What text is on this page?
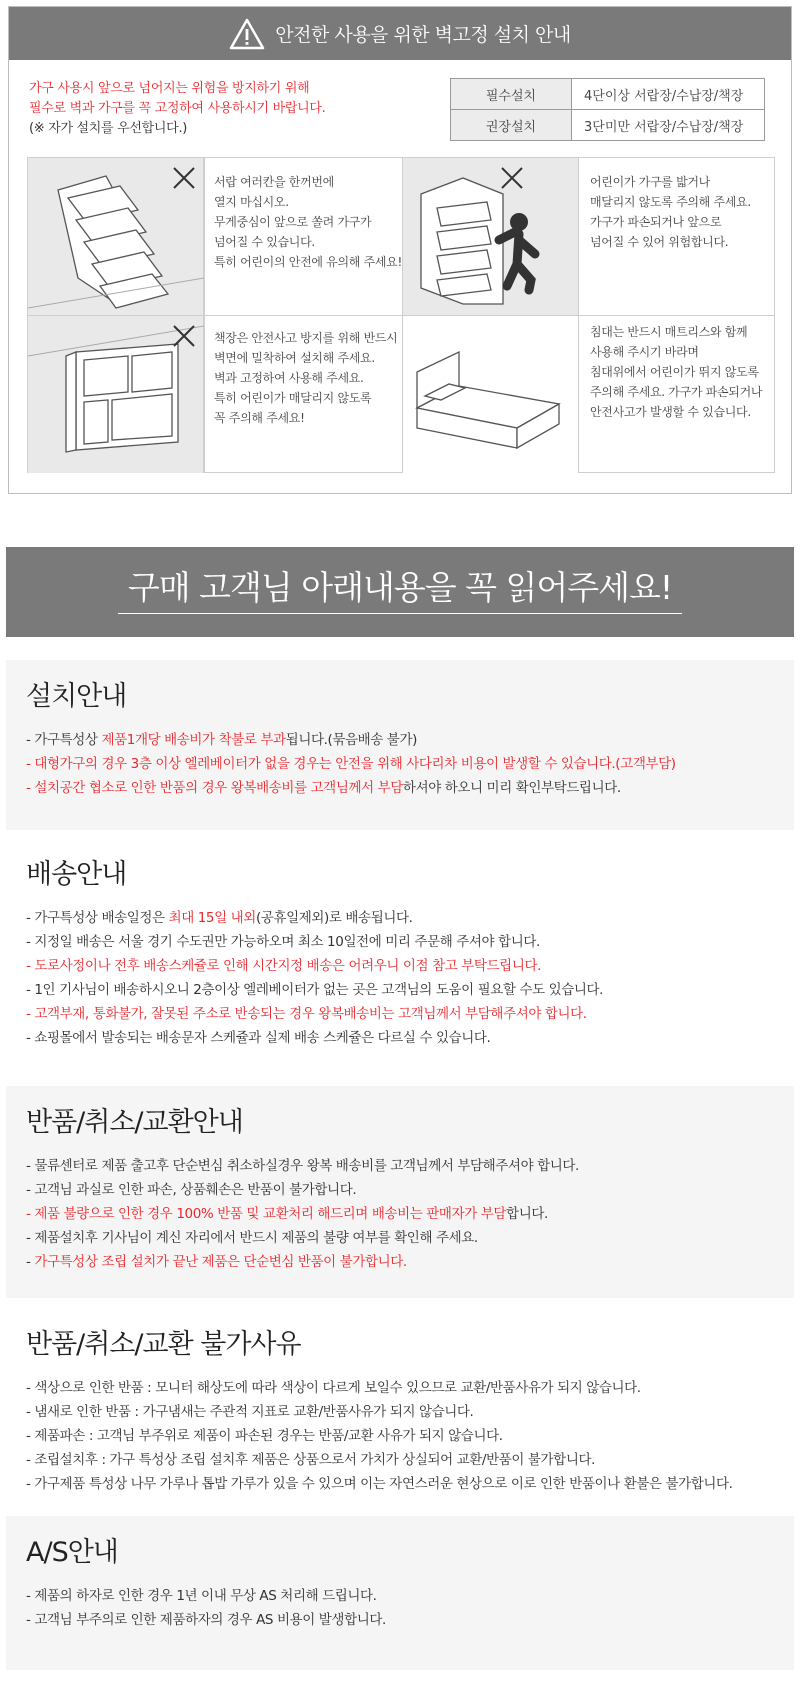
안전한 사용을 위한 벽고정 설치 안내
가구 사용시 앞으로 넘어지는 위험을 방지하기 위해
필수로 벽과 가구를 꼭 고정하여 사용하시기 바랍니다.
(※ 자가 설치를 우선합니다.)
필수설치	4단이상 서랍장/수납장/책장
권장설치	3단미만 서랍장/수납장/책장
서랍 여러칸을 한꺼번에
열지 마십시오.
무게중심이 앞으로 쏠려 가구가
넘어질 수 있습니다.
특히 어린이의 안전에 유의해 주세요!
어린이가 가구를 밟거나
매달리지 않도록 주의해 주세요.
가구가 파손되거나 앞으로
넘어질 수 있어 위험합니다.
책장은 안전사고 방지를 위해 반드시
벽면에 밀착하여 설치해 주세요.
벽과 고정하여 사용해 주세요.
특히 어린이가 매달리지 않도록
꼭 주의해 주세요!
침대는 반드시 매트리스와 함께
사용해 주시기 바라며
침대위에서 어린이가 뛰지 않도록
주의해 주세요. 가구가 파손되거나
안전사고가 발생할 수 있습니다.
구매 고객님 아래내용을 꼭 읽어주세요!
설치안내
- 가구특성상 제품1개당 배송비가 착불로 부과됩니다.(묶음배송 불가)
- 대형가구의 경우 3층 이상 엘레베이터가 없을 경우는 안전을 위해 사다리차 비용이 발생할 수 있습니다.(고객부담)
- 설치공간 협소로 인한 반품의 경우 왕복배송비를 고객님께서 부담하셔야 하오니 미리 확인부탁드립니다.
배송안내
- 가구특성상 배송일정은 최대 15일 내외(공휴일제외)로 배송됩니다.
- 지정일 배송은 서울 경기 수도권만 가능하오며 최소 10일전에 미리 주문해 주셔야 합니다.
- 도로사정이나 전후 배송스케쥴로 인해 시간지정 배송은 어려우니 이점 참고 부탁드립니다.
- 1인 기사님이 배송하시오니 2층이상 엘레베이터가 없는 곳은 고객님의 도움이 필요할 수도 있습니다.
- 고객부재, 통화불가, 잘못된 주소로 반송되는 경우 왕복배송비는 고객님께서 부담해주셔야 합니다.
- 쇼핑몰에서 발송되는 배송문자 스케쥴과 실제 배송 스케쥴은 다르실 수 있습니다.
반품/취소/교환안내
- 물류센터로 제품 출고후 단순변심 취소하실경우 왕복 배송비를 고객님께서 부담해주셔야 합니다.
- 고객님 과실로 인한 파손, 상품훼손은 반품이 불가합니다.
- 제품 불량으로 인한 경우 100% 반품 및 교환처리 해드리며 배송비는 판매자가 부담합니다.
- 제품설치후 기사님이 계신 자리에서 반드시 제품의 불량 여부를 확인해 주세요.
- 가구특성상 조립 설치가 끝난 제품은 단순변심 반품이 불가합니다.
반품/취소/교환 불가사유
- 색상으로 인한 반품 : 모니터 해상도에 따라 색상이 다르게 보일수 있으므로 교환/반품사유가 되지 않습니다.
- 냄새로 인한 반품 : 가구냄새는 주관적 지표로 교환/반품사유가 되지 않습니다.
- 제품파손 : 고객님 부주위로 제품이 파손된 경우는 반품/교환 사유가 되지 않습니다.
- 조립설치후 : 가구 특성상 조립 설치후 제품은 상품으로서 가치가 상실되어 교환/반품이 불가합니다.
- 가구제품 특성상 나무 가루나 톱밥 가루가 있을 수 있으며 이는 자연스러운 현상으로 이로 인한 반품이나 환불은 불가합니다.
A/S안내
- 제품의 하자로 인한 경우 1년 이내 무상 AS 처리해 드립니다.
- 고객님 부주의로 인한 제품하자의 경우 AS 비용이 발생합니다.
